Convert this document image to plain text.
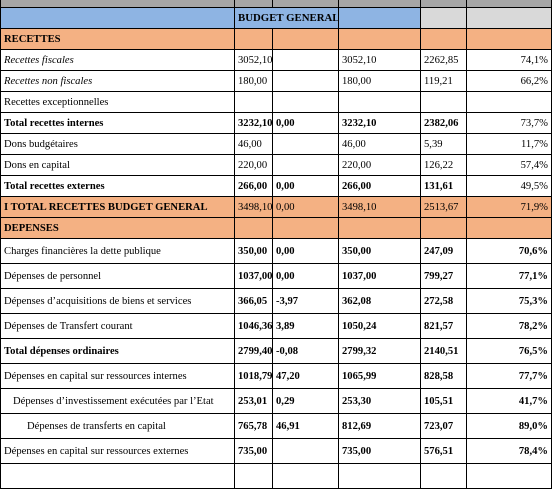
	BUDGET GENERAL				
RECETTES					
Recettes fiscales	3052,10		3052,10	2262,85	74,1%
Recettes non fiscales	180,00		180,00	119,21	66,2%
Recettes exceptionnelles					
Total recettes internes	3232,10	0,00	3232,10	2382,06	73,7%
Dons budgétaires	46,00		46,00	5,39	11,7%
Dons en capital	220,00		220,00	126,22	57,4%
Total recettes externes	266,00	0,00	266,00	131,61	49,5%
I TOTAL RECETTES BUDGET GENERAL	3498,10	0,00	3498,10	2513,67	71,9%
DEPENSES					
Charges financières la dette publique	350,00	0,00	350,00	247,09	70,6%
Dépenses de personnel	1037,00	0,00	1037,00	799,27	77,1%
Dépenses d’acquisitions de biens et services	366,05	-3,97	362,08	272,58	75,3%
Dépenses de Transfert courant	1046,36	3,89	1050,24	821,57	78,2%
Total dépenses ordinaires	2799,40	-0,08	2799,32	2140,51	76,5%
Dépenses en capital sur ressources internes	1018,79	47,20	1065,99	828,58	77,7%
Dépenses d’investissement exécutées par l’Etat	253,01	0,29	253,30	105,51	41,7%
Dépenses de transferts en capital	765,78	46,91	812,69	723,07	89,0%
Dépenses en capital sur ressources externes	735,00		735,00	576,51	78,4%
